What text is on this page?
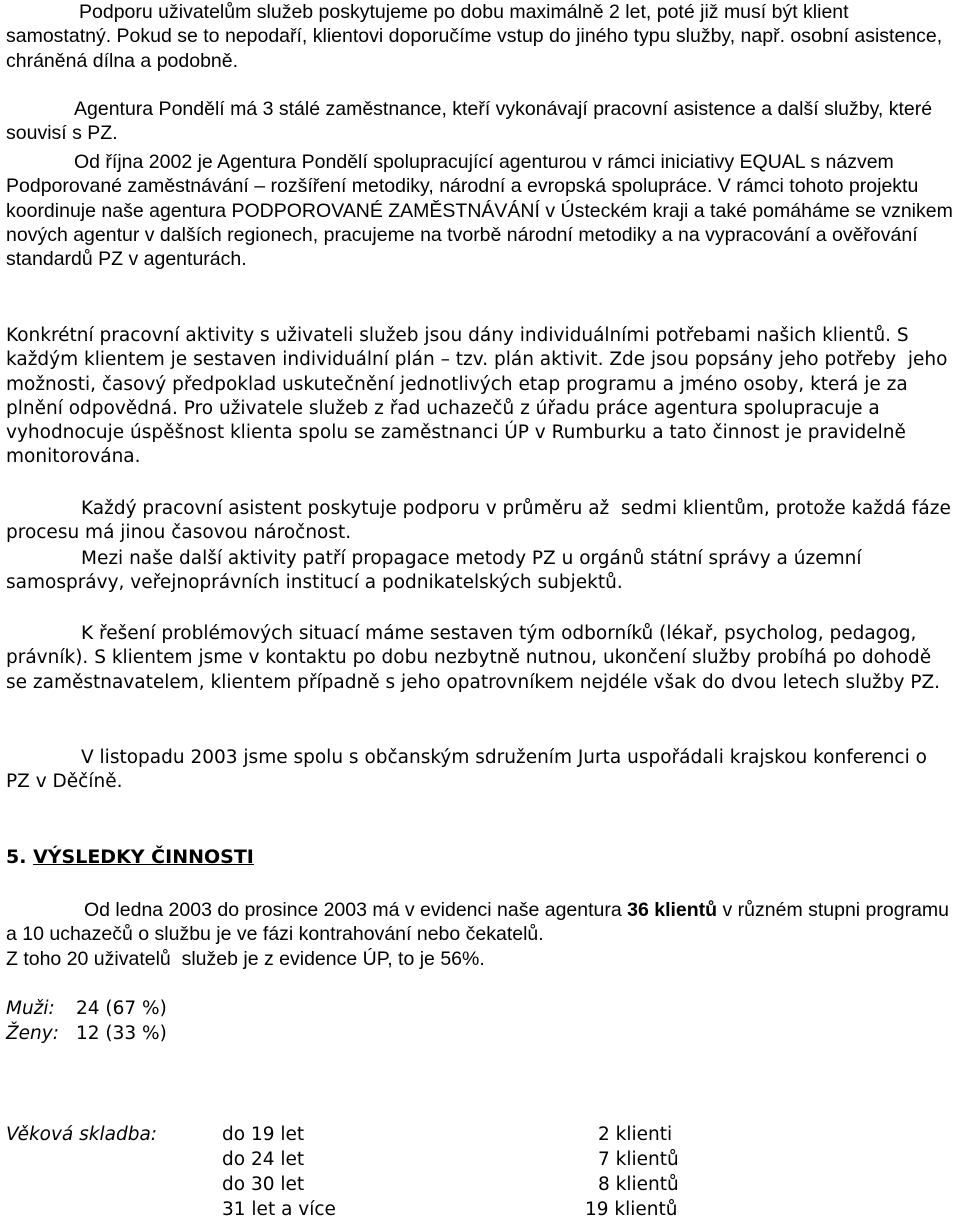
Podporu uživatelům služeb poskytujeme po dobu maximálně 2 let, poté již musí být klient samostatný. Pokud se to nepodaří, klientovi doporučíme vstup do jiného typu služby, např. osobní asistence, chráněná dílna a podobně.

Agentura Pondělí má 3 stálé zaměstnance, kteří vykonávají pracovní asistence a další služby, které souvisí s PZ.

Od října 2002 je Agentura Pondělí spolupracující agenturou v rámci iniciativy EQUAL s názvem Podporované zaměstnávání – rozšíření metodiky, národní a evropská spolupráce. V rámci tohoto projektu koordinuje naše agentura PODPOROVANÉ ZAMĚSTNÁVÁNÍ v Ústeckém kraji a také pomáháme se vznikem nových agentur v dalších regionech, pracujeme na tvorbě národní metodiky a na vypracování a ověřování standardů PZ v agenturách.

Konkrétní pracovní aktivity s uživateli služeb jsou dány individuálními potřebami našich klientů. S každým klientem je sestaven individuální plán – tzv. plán aktivit. Zde jsou popsány jeho potřeby  jeho možnosti, časový předpoklad uskutečnění jednotlivých etap programu a jméno osoby, která je za plnění odpovědná. Pro uživatele služeb z řad uchazečů z úřadu práce agentura spolupracuje a vyhodnocuje úspěšnost klienta spolu se zaměstnanci ÚP v Rumburku a tato činnost je pravidelně monitorována.

Každý pracovní asistent poskytuje podporu v průměru až  sedmi klientům, protože každá fáze procesu má jinou časovou náročnost.

Mezi naše další aktivity patří propagace metody PZ u orgánů státní správy a územní samosprávy, veřejnoprávních institucí a podnikatelských subjektů.

K řešení problémových situací máme sestaven tým odborníků (lékař, psycholog, pedagog, právník). S klientem jsme v kontaktu po dobu nezbytně nutnou, ukončení služby probíhá po dohodě se zaměstnavatelem, klientem případně s jeho opatrovníkem nejdéle však do dvou letech služby PZ.

V listopadu 2003 jsme spolu s občanským sdružením Jurta uspořádali krajskou konferenci o PZ v Děčíně.

5. VÝSLEDKY ČINNOSTI

Od ledna 2003 do prosince 2003 má v evidenci naše agentura 36 klientů v různém stupni programu a 10 uchazečů o službu je ve fázi kontrahování nebo čekatelů.

Z toho 20 uživatelů  služeb je z evidence ÚP, to je 56%.

Muži: 24 (67 %)
Ženy: 12 (33 %)
Věková skladba:	do 19 let	2 klienti
do 24 let	7 klientů
do 30 let	8 klientů
31 let a více	19 klientů
